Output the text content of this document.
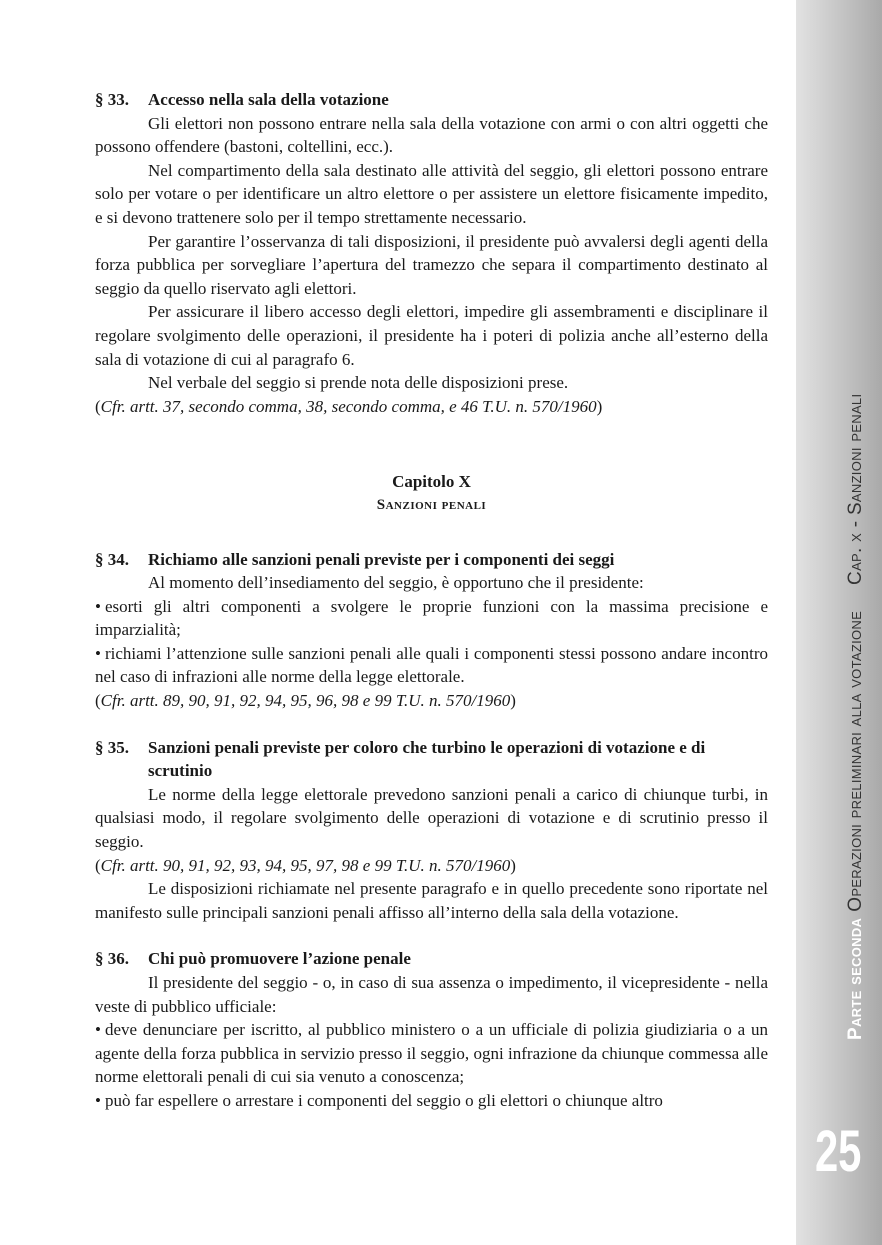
Parte secondaOperazioni preliminari alla votazioneCap. x - Sanzioni penali
25
§ 33.	Accesso nella sala della votazione

Gli elettori non possono entrare nella sala della votazione con armi o con altri oggetti che possono offendere (bastoni, coltellini, ecc.).

Nel compartimento della sala destinato alle attività del seggio, gli elettori possono entrare solo per votare o per identificare un altro elettore o per assistere un elettore fisicamente impedito, e si devono trattenere solo per il tempo strettamente necessario.

Per garantire l’osservanza di tali disposizioni, il presidente può avvalersi degli agenti della forza pubblica per sorvegliare l’apertura del tramezzo che separa il compartimento destinato al seggio da quello riservato agli elettori.

Per assicurare il libero accesso degli elettori, impedire gli assembramenti e disciplinare il regolare svolgimento delle operazioni, il presidente ha i poteri di polizia anche all’esterno della sala di votazione di cui al paragrafo 6.

Nel verbale del seggio si prende nota delle disposizioni prese.

(Cfr. artt. 37, secondo comma, 38, secondo comma, e 46 T.U. n. 570/1960)

Capitolo X
Sanzioni penali
§ 34.	Richiamo alle sanzioni penali previste per i componenti dei seggi

Al momento dell’insediamento del seggio, è opportuno che il presidente:

• esorti gli altri componenti a svolgere le proprie funzioni con la massima precisione e imparzialità;

• richiami l’attenzione sulle sanzioni penali alle quali i componenti stessi possono andare incontro nel caso di infrazioni alle norme della legge elettorale.

(Cfr. artt. 89, 90, 91, 92, 94, 95, 96, 98 e 99 T.U. n. 570/1960)

§ 35.	Sanzioni penali previste per coloro che turbino le operazioni di votazione e di scrutinio

Le norme della legge elettorale prevedono sanzioni penali a carico di chiunque turbi, in qualsiasi modo, il regolare svolgimento delle operazioni di votazione e di scrutinio presso il seggio.

(Cfr. artt. 90, 91, 92, 93, 94, 95, 97, 98 e 99 T.U. n. 570/1960)

Le disposizioni richiamate nel presente paragrafo e in quello precedente sono riportate nel manifesto sulle principali sanzioni penali affisso all’interno della sala della votazione.

§ 36.	Chi può promuovere l’azione penale

Il presidente del seggio - o, in caso di sua assenza o impedimento, il vicepresidente - nella veste di pubblico ufficiale:

• deve denunciare per iscritto, al pubblico ministero o a un ufficiale di polizia giudiziaria o a un agente della forza pubblica in servizio presso il seggio, ogni infrazione da chiunque commessa alle norme elettorali penali di cui sia venuto a conoscenza;

• può far espellere o arrestare i componenti del seggio o gli elettori o chiunque altro
